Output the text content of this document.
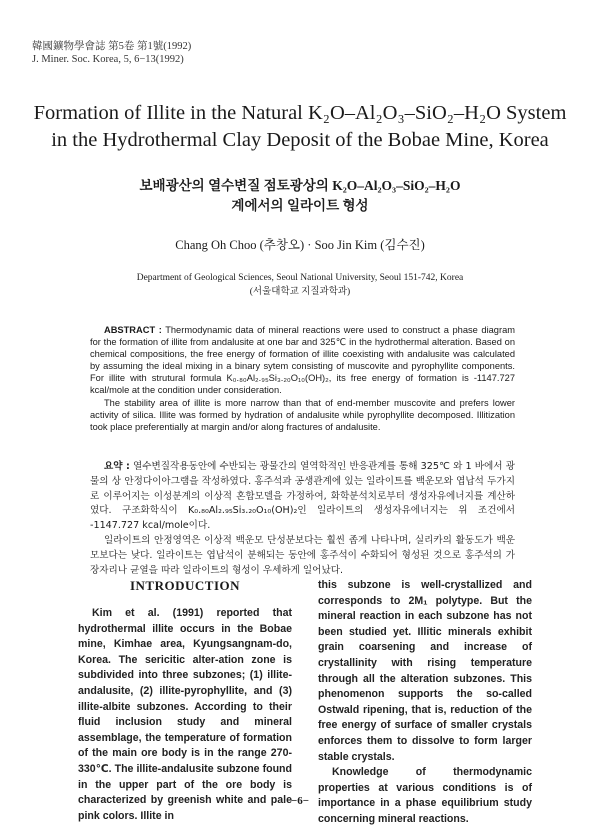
韓國鑛物學會誌 第5卷 第1號(1992)
J. Miner. Soc. Korea, 5, 6−13(1992)
Formation of Illite in the Natural K₂O–Al₂O₃–SiO₂–H₂O System
in the Hydrothermal Clay Deposit of the Bobae Mine, Korea
보배광산의 열수변질 점토광상의 K₂O–Al₂O₃–SiO₂–H₂O
계에서의 일라이트 형성
Chang Oh Choo (추창오) · Soo Jin Kim (김수진)
Department of Geological Sciences, Seoul National University, Seoul 151-742, Korea
(서울대학교 지질과학과)

ABSTRACT : Thermodynamic data of mineral reactions were used to construct a phase diagram for the formation of illite from andalusite at one bar and 325℃ in the hydrothermal alteration. Based on chemical compositions, the free energy of formation of illite coexisting with andalusite was calculated by assuming the ideal mixing in a binary sytem consisting of muscovite and pyrophyllite components. For illite with strutural formula K₀.₈₀Al₂.₉₅Si₃.₂₀O₁₀(OH)₂, its free energy of formation is -1147.727 kcal/mole at the condition under consideration.

The stability area of illite is more narrow than that of end-member muscovite and prefers lower activity of silica. Illite was formed by hydration of andalusite while pyrophyllite decomposed. Illitization took place preferentially at margin and/or along fractures of andalusite.

요약 : 열수변질작용동안에 수반되는 광물간의 열역학적인 반응관계를 통해 325℃ 와 1 바에서 광물의 상 안정다이아그램을 작성하였다. 홍주석과 공생관계에 있는 일라이트를 백운모와 엽납석 두가지로 이루어지는 이성분계의 이상적 혼합모델을 가정하여, 화학분석치로부터 생성자유에너지를 계산하였다. 구조화학식이 K₀.₈₀Al₂.₉₅Si₃.₂₀O₁₀(OH)₂인 일라이트의 생성자유에너지는 위 조건에서 -1147.727 kcal/mole이다.

일라이트의 안정영역은 이상적 백운모 단성분보다는 훨씬 좁게 나타나며, 실리카의 활동도가 백운모보다는 낮다. 일라이트는 엽납석이 분해되는 동안에 홍주석이 수화되어 형성된 것으로 홍주석의 가장자리나 균열을 따라 일라이트의 형성이 우세하게 일어났다.

INTRODUCTION

Kim et al. (1991) reported that hydrothermal illite occurs in the Bobae mine, Kimhae area, Kyungsangnam-do, Korea. The sericitic alter-ation zone is subdivided into three subzones; (1) illite-andalusite, (2) illite-pyrophyllite, and (3) illite-albite subzones. According to their fluid inclusion study and mineral assemblage, the temperature of formation of the main ore body is in the range 270-330℃. The illite-andalusite subzone found in the upper part of the ore body is characterized by greenish white and pale pink colors. Illite in

this subzone is well-crystallized and corresponds to 2M₁ polytype. But the mineral reaction in each subzone has not been studied yet. Illitic minerals exhibit grain coarsening and increase of crystallinity with rising temperature through all the alteration subzones. This phenomenon supports the so-called Ostwald ripening, that is, reduction of the free energy of surface of smaller crystals enforces them to dissolve to form larger stable crystals.

Knowledge of thermodynamic properties at various conditions is of importance in a phase equilibrium study concerning mineral reactions.

−6−
